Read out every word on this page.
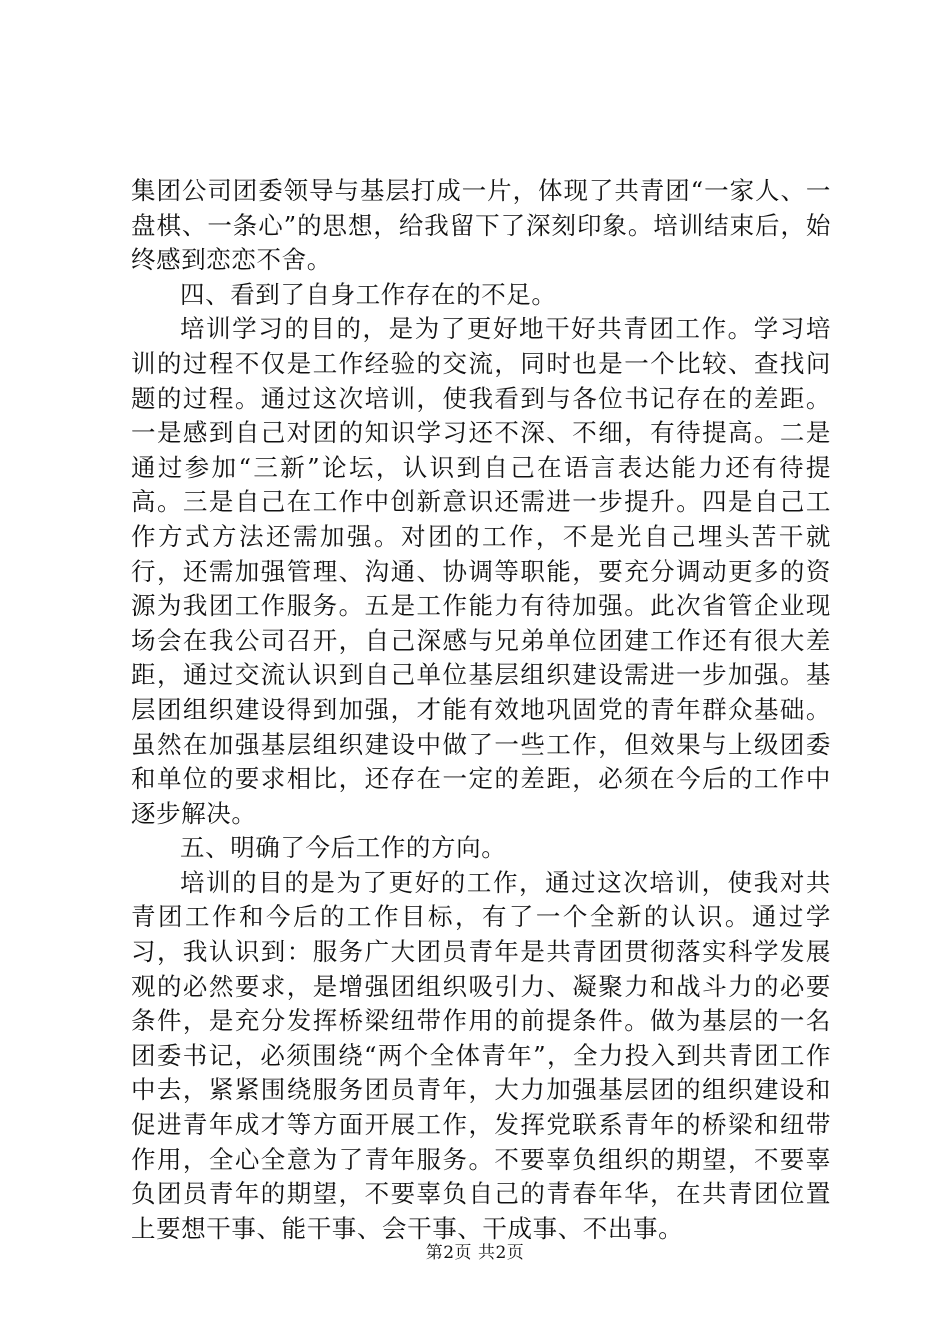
集团公司团委领导与基层打成一片，体现了共青团“一家人、一盘棋、一条心”的思想，给我留下了深刻印象。培训结束后，始终感到恋恋不舍。

四、看到了自身工作存在的不足。

培训学习的目的，是为了更好地干好共青团工作。学习培训的过程不仅是工作经验的交流，同时也是一个比较、查找问题的过程。通过这次培训，使我看到与各位书记存在的差距。一是感到自己对团的知识学习还不深、不细，有待提高。二是通过参加“三新”论坛，认识到自己在语言表达能力还有待提高。三是自己在工作中创新意识还需进一步提升。四是自己工作方式方法还需加强。对团的工作，不是光自己埋头苦干就行，还需加强管理、沟通、协调等职能，要充分调动更多的资源为我团工作服务。五是工作能力有待加强。此次省管企业现场会在我公司召开，自己深感与兄弟单位团建工作还有很大差距，通过交流认识到自己单位基层组织建设需进一步加强。基层团组织建设得到加强，才能有效地巩固党的青年群众基础。虽然在加强基层组织建设中做了一些工作，但效果与上级团委和单位的要求相比，还存在一定的差距，必须在今后的工作中逐步解决。

五、明确了今后工作的方向。

培训的目的是为了更好的工作，通过这次培训，使我对共青团工作和今后的工作目标，有了一个全新的认识。通过学习，我认识到：服务广大团员青年是共青团贯彻落实科学发展观的必然要求，是增强团组织吸引力、凝聚力和战斗力的必要条件，是充分发挥桥梁纽带作用的前提条件。做为基层的一名团委书记，必须围绕“两个全体青年”，全力投入到共青团工作中去，紧紧围绕服务团员青年，大力加强基层团的组织建设和促进青年成才等方面开展工作，发挥党联系青年的桥梁和纽带作用，全心全意为了青年服务。不要辜负组织的期望，不要辜负团员青年的期望，不要辜负自己的青春年华，在共青团位置上要想干事、能干事、会干事、干成事、不出事。

第2页 共2页
